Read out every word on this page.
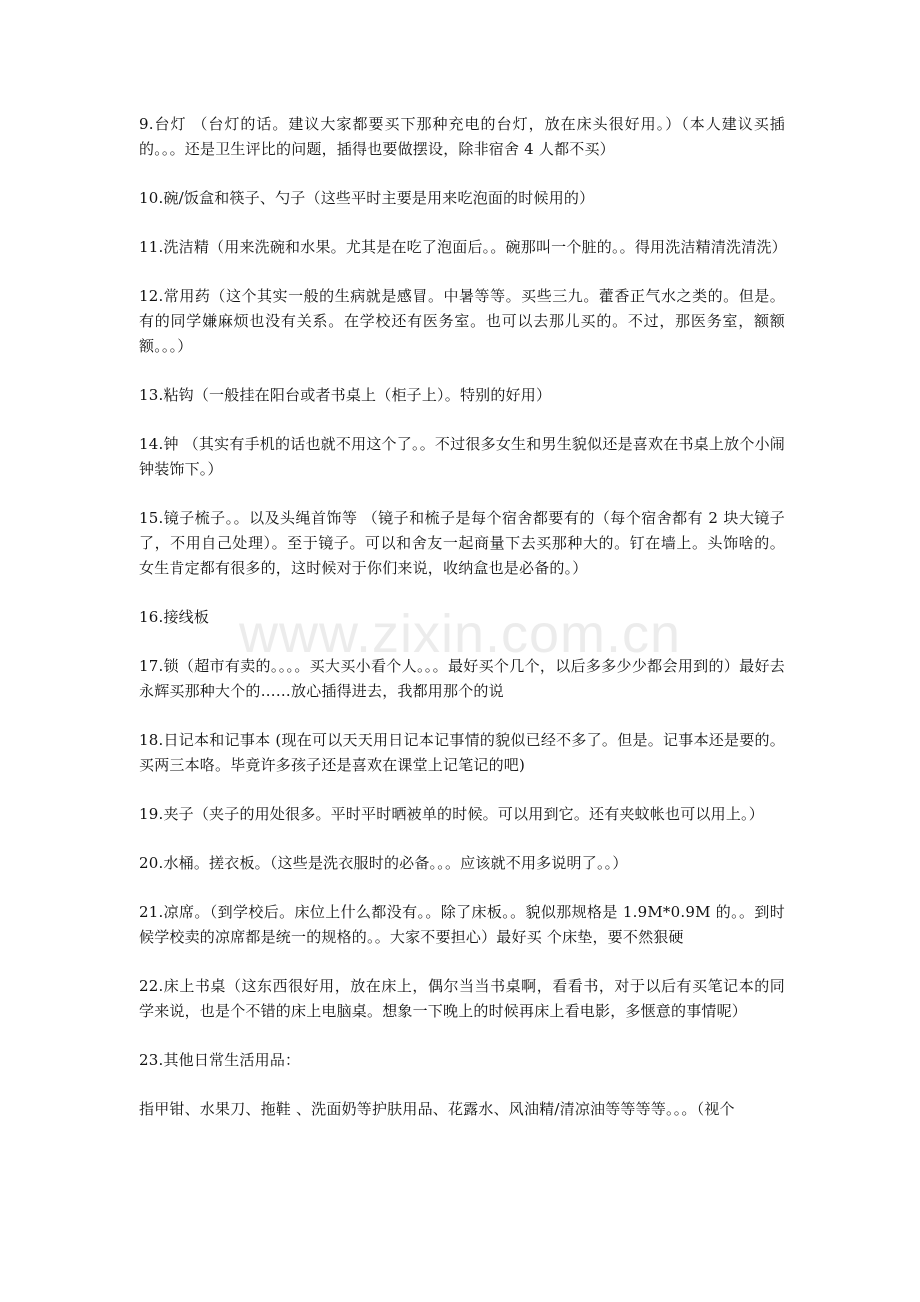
9.台灯 （台灯的话。建议大家都要买下那种充电的台灯，放在床头很好用。）（本人建议买插的。。。还是卫生评比的问题，插得也要做摆设，除非宿舍 4 人都不买）

10.碗/饭盒和筷子、勺子（这些平时主要是用来吃泡面的时候用的）

11.洗洁精（用来洗碗和水果。尤其是在吃了泡面后。。碗那叫一个脏的。。得用洗洁精清洗清洗）

12.常用药（这个其实一般的生病就是感冒。中暑等等。买些三九。藿香正气水之类的。但是。有的同学嫌麻烦也没有关系。在学校还有医务室。也可以去那儿买的。不过，那医务室，额额额。。。）

13.粘钩（一般挂在阳台或者书桌上（柜子上）。特别的好用）

14.钟 （其实有手机的话也就不用这个了。。不过很多女生和男生貌似还是喜欢在书桌上放个小闹钟装饰下。）

15.镜子梳子。。以及头绳首饰等 （镜子和梳子是每个宿舍都要有的（每个宿舍都有 2 块大镜子了，不用自己处理）。至于镜子。可以和舍友一起商量下去买那种大的。钉在墙上。头饰啥的。女生肯定都有很多的，这时候对于你们来说，收纳盒也是必备的。）

16.接线板

17.锁（超市有卖的。。。。买大买小看个人。。。最好买个几个，以后多多少少都会用到的）最好去永辉买那种大个的……放心插得进去，我都用那个的说

18.日记本和记事本 (现在可以天天用日记本记事情的貌似已经不多了。但是。记事本还是要的。买两三本咯。毕竟许多孩子还是喜欢在课堂上记笔记的吧)

19.夹子（夹子的用处很多。平时平时晒被单的时候。可以用到它。还有夹蚊帐也可以用上。）

20.水桶。搓衣板。（这些是洗衣服时的必备。。。应该就不用多说明了。。）

21.凉席。（到学校后。床位上什么都没有。。除了床板。。貌似那规格是 1.9M*0.9M 的。。到时候学校卖的凉席都是统一的规格的。。大家不要担心）最好买 个床垫，要不然狠硬

22.床上书桌（这东西很好用，放在床上，偶尔当当书桌啊，看看书，对于以后有买笔记本的同学来说，也是个不错的床上电脑桌。想象一下晚上的时候再床上看电影，多惬意的事情呢）

23.其他日常生活用品：

指甲钳、水果刀、拖鞋 、洗面奶等护肤用品、花露水、风油精/清凉油等等等等。。。（视个

www.zixin.com.cn
